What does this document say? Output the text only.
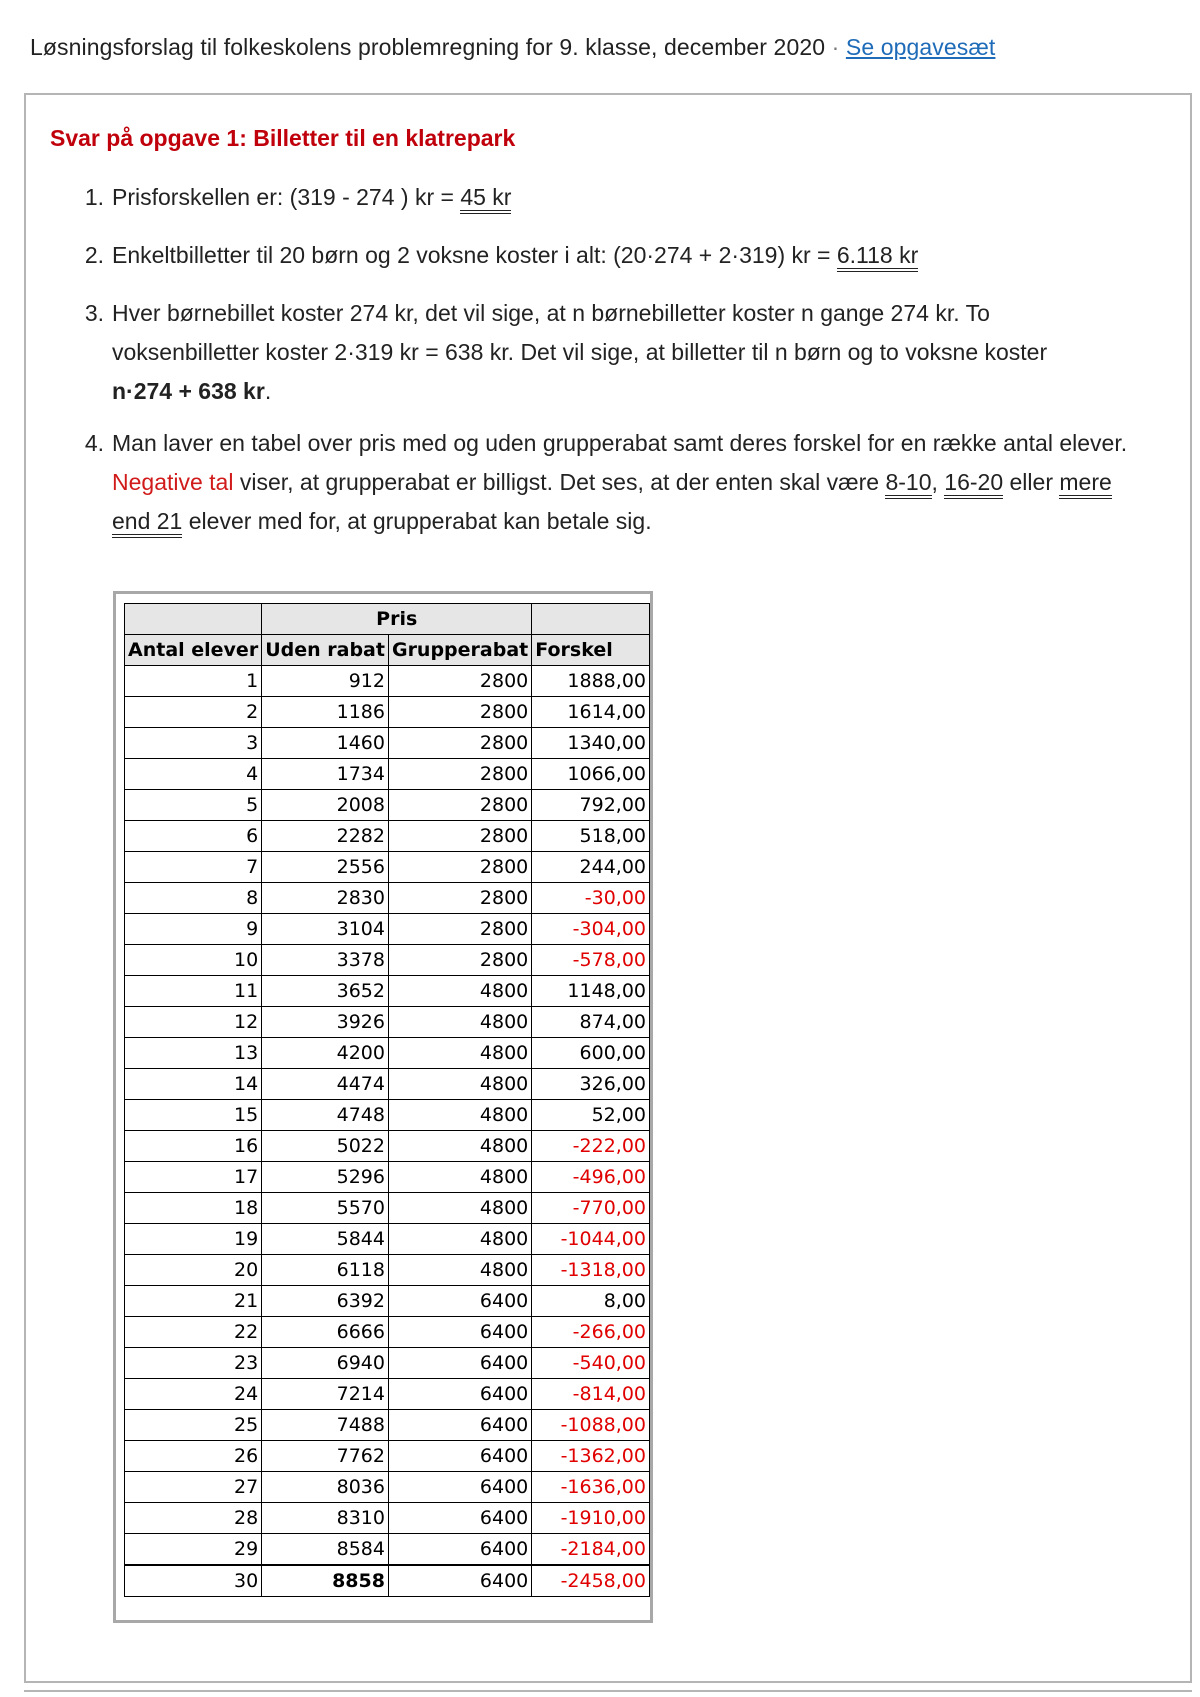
Løsningsforslag til folkeskolens problemregning for 9. klasse, december 2020 · Se opgavesæt
Svar på opgave 1: Billetter til en klatrepark
1. Prisforskellen er: (319 - 274 ) kr = 45 kr
2. Enkeltbilletter til 20 børn og 2 voksne koster i alt: (20·274 + 2·319) kr = 6.118 kr
3. Hver børnebillet koster 274 kr, det vil sige, at n børnebilletter koster n gange 274 kr. To voksenbilletter koster 2·319 kr = 638 kr. Det vil sige, at billetter til n børn og to voksne koster n·274 + 638 kr.
4. Man laver en tabel over pris med og uden grupperabat samt deres forskel for en række antal elever. Negative tal viser, at grupperabat er billigst. Det ses, at der enten skal være 8-10, 16-20 eller mere end 21 elever med for, at grupperabat kan betale sig.
	Pris		
Antal elever	Uden rabat	Grupperabat	Forskel
1	912	2800	1888,00
2	1186	2800	1614,00
3	1460	2800	1340,00
4	1734	2800	1066,00
5	2008	2800	792,00
6	2282	2800	518,00
7	2556	2800	244,00
8	2830	2800	-30,00
9	3104	2800	-304,00
10	3378	2800	-578,00
11	3652	4800	1148,00
12	3926	4800	874,00
13	4200	4800	600,00
14	4474	4800	326,00
15	4748	4800	52,00
16	5022	4800	-222,00
17	5296	4800	-496,00
18	5570	4800	-770,00
19	5844	4800	-1044,00
20	6118	4800	-1318,00
21	6392	6400	8,00
22	6666	6400	-266,00
23	6940	6400	-540,00
24	7214	6400	-814,00
25	7488	6400	-1088,00
26	7762	6400	-1362,00
27	8036	6400	-1636,00
28	8310	6400	-1910,00
29	8584	6400	-2184,00
30	8858	6400	-2458,00
